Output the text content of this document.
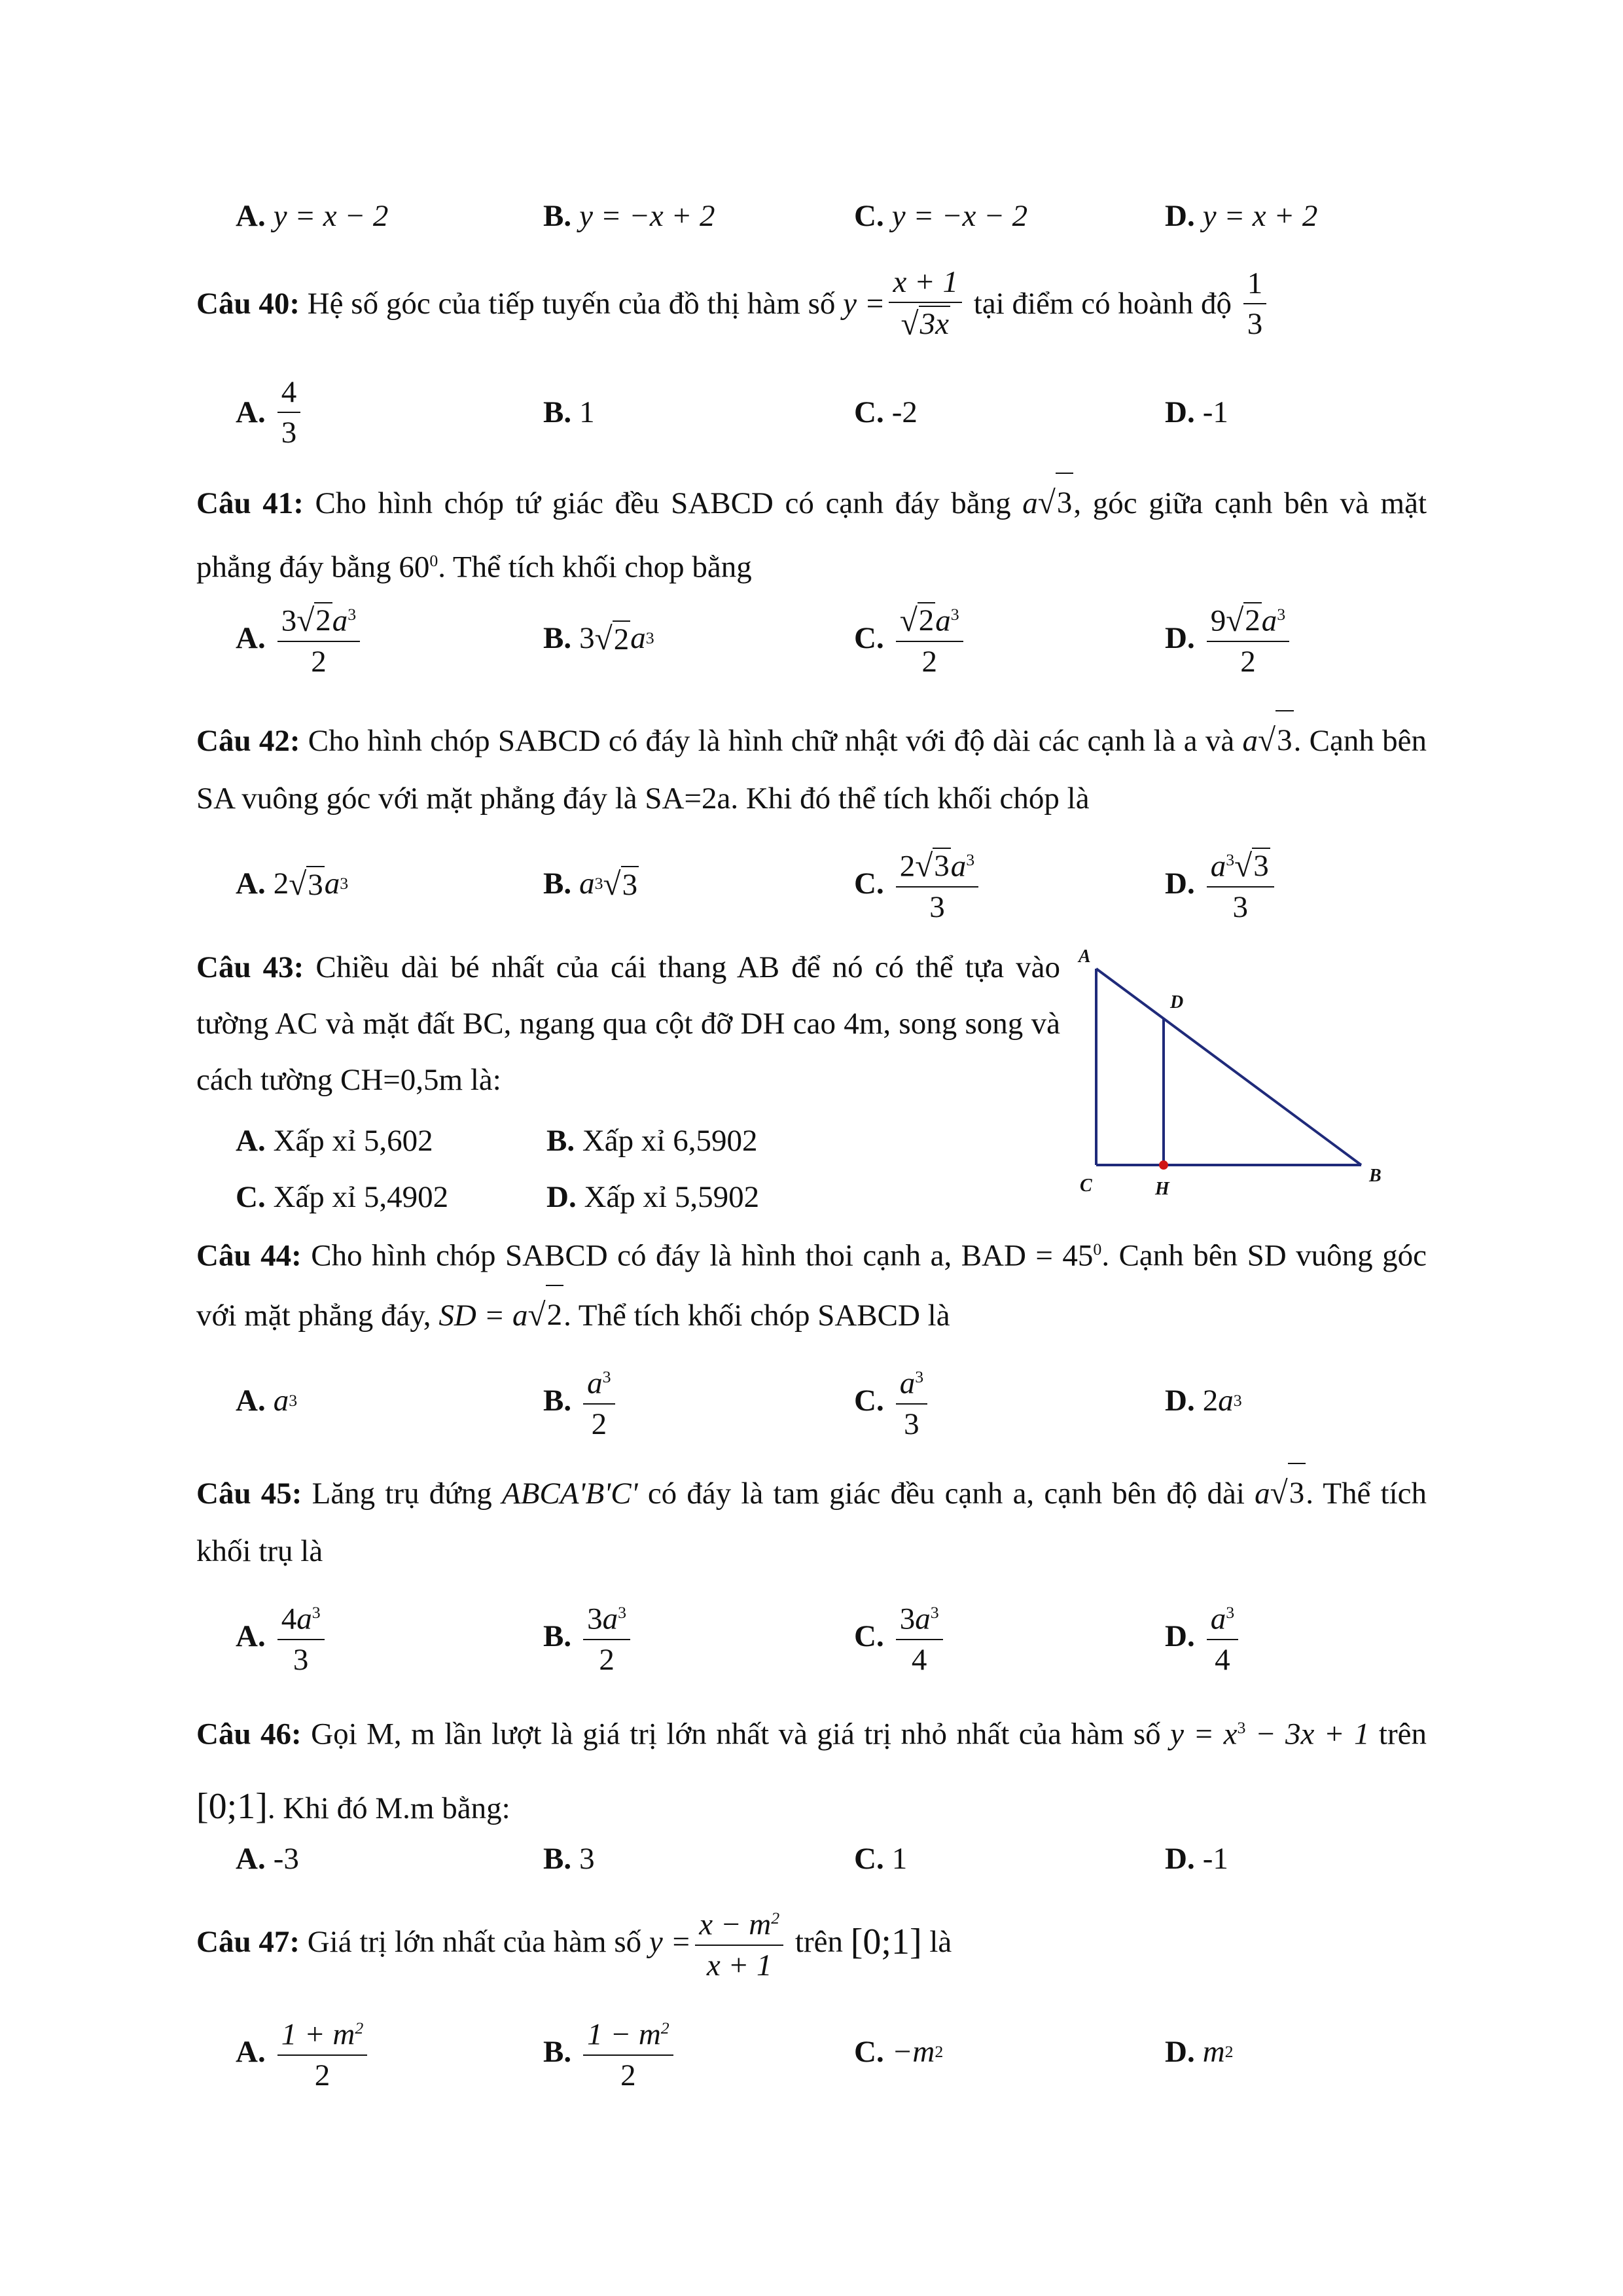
A. y = x − 2	B. y = −x + 2	C. y = −x − 2	D. y = x + 2
Câu 40:
Hệ số góc của tiếp tuyến của đồ thị hàm số
$y = \frac{x + 1}{√ 3x}$
tại điểm có hoành độ
$\frac{1}{3}$
A. $\frac{4}{3}$	B. 1	C. -2	D. -1
Câu 41: Cho hình chóp tứ giác đều SABCD có cạnh đáy bằng a √ 3 , góc giữa cạnh bên và mặt phẳng đáy bằng $60^0$. Thể tích khối chop bằng
A. $\frac{3 √ 2 a^3}{2}$	B. 3 √ 2 a 3	C. $\frac{√ 2 a^3}{2}$	D. $\frac{9 √ 2 a^3}{2}$
Câu 42: Cho hình chóp SABCD có đáy là hình chữ nhật với độ dài các cạnh là a và a √ 3 . Cạnh bên SA vuông góc với mặt phẳng đáy là SA=2a. Khi đó thể tích khối chóp là
A. 2 √ 3 a 3	B. a 3 √ 3	C. $\frac{2 √ 3 a^3}{3}$	D. $\frac{a^3 √ 3}{3}$
Câu 43: Chiều dài bé nhất của cái thang AB để nó có thể tựa vào tường AC và mặt đất BC, ngang qua cột đỡ DH cao 4m, song song và cách tường CH=0,5m là:
A. Xấp xỉ 5,602	B. Xấp xỉ 6,5902
C. Xấp xỉ 5,4902	D. Xấp xỉ 5,5902
A
D
C	H
B
Câu 44: Cho hình chóp SABCD có đáy là hình thoi cạnh a, BAD = $45^0$. Cạnh bên SD vuông góc với mặt phẳng đáy, SD = a √ 2 . Thể tích khối chóp SABCD là
A. a 3	B. $\frac{a^3}{2}$	C. $\frac{a^3}{3}$	D. 2 a 3
Câu 45: Lăng trụ đứng ABCA'B'C' có đáy là tam giác đều cạnh a, cạnh bên độ dài a √ 3 . Thể tích khối trụ là
A. $\frac{4a^3}{3}$	B. $\frac{3a^3}{2}$	C. $\frac{3a^3}{4}$	D. $\frac{a^3}{4}$
Câu 46: Gọi M, m lần lượt là giá trị lớn nhất và giá trị nhỏ nhất của hàm số $y = x^3 - 3x + 1$ trên [0;1]. Khi đó M.m bằng:
A. -3	B. 3	C. 1	D. -1
Câu 47:
Giá trị lớn nhất của hàm số
$y = \frac{x - m^2}{x + 1}$
trên
[0;1]
là
A. $\frac{1 + m^2}{2}$	B. $\frac{1 - m^2}{2}$	C. −m 2	D. m 2
